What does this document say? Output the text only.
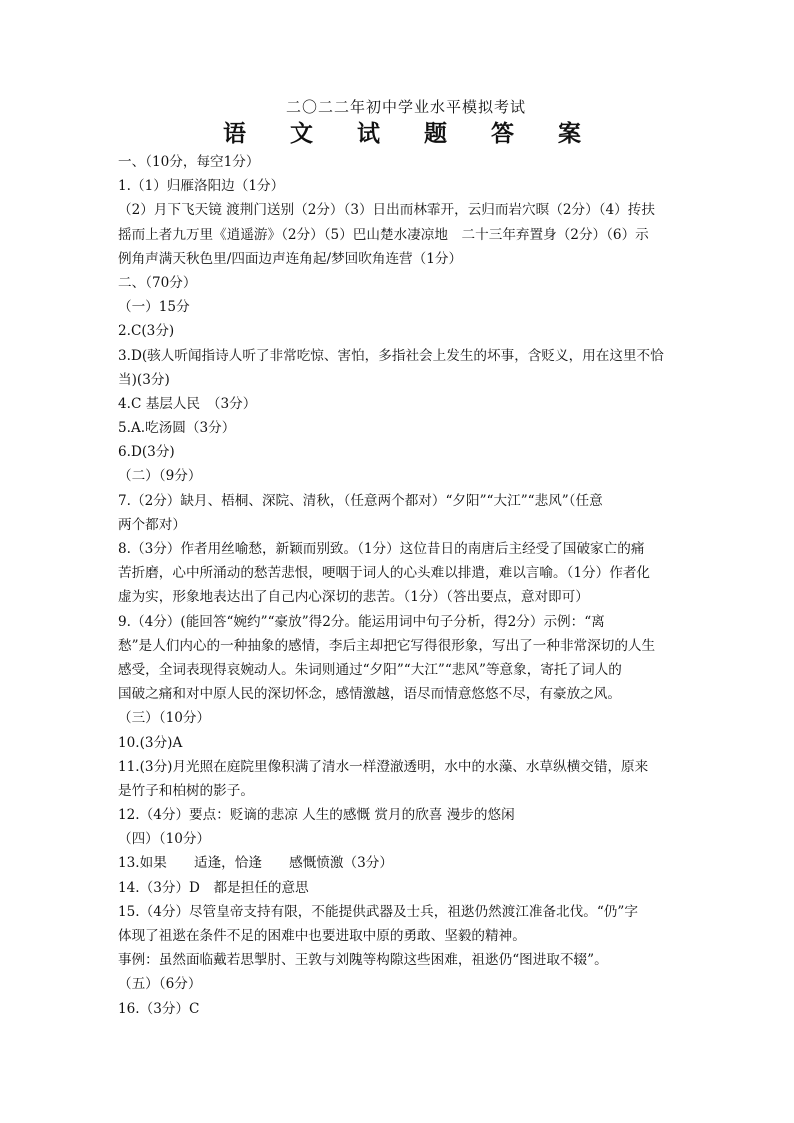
二〇二二年初中学业水平模拟考试
语 文 试 题 答 案
一、（10分，每空1分）
1.（1）归雁洛阳边（1分）
（2）月下飞天镜 渡荆门送别（2分）（3）日出而林霏开，云归而岩穴暝（2分）（4）抟扶
摇而上者九万里《逍遥游》（2分）（5）巴山楚水凄凉地　二十三年弃置身（2分）（6）示
例角声满天秋色里/四面边声连角起/梦回吹角连营（1分）
二、（70分）
（一）15分
2.C(3分)
3.D(骇人听闻指诗人听了非常吃惊、害怕，多指社会上发生的坏事，含贬义，用在这里不恰
当)(3分)
4.C 基层人民　（3分）
5.A.吃汤圆（3分）
6.D(3分)
（二）（9分）
7.（2分）缺月、梧桐、深院、清秋，（任意两个都对）“夕阳”“大江”“悲风”（任意
两个都对）
8.（3分）作者用丝喻愁，新颖而别致。（1分）这位昔日的南唐后主经受了国破家亡的痛
苦折磨，心中所涌动的愁苦悲恨，哽咽于词人的心头难以排遣，难以言喻。（1分）作者化
虚为实，形象地表达出了自己内心深切的悲苦。（1分）（答出要点，意对即可）
9.（4分）(能回答“婉约”“豪放”得2分。能运用词中句子分析，得2分）示例：“离
愁”是人们内心的一种抽象的感情，李后主却把它写得很形象，写出了一种非常深切的人生
感受，全词表现得哀婉动人。朱词则通过“夕阳”“大江”“悲风”等意象，寄托了词人的
国破之痛和对中原人民的深切怀念，感情激越，语尽而情意悠悠不尽，有豪放之风。
（三）（10分）
10.(3分)A
11.(3分)月光照在庭院里像积满了清水一样澄澈透明，水中的水藻、水草纵横交错，原来
是竹子和柏树的影子。
12.（4分）要点：贬谪的悲凉 人生的感慨 赏月的欣喜 漫步的悠闲
（四）（10分）
13.如果　　适逢，恰逢　　感慨愤激（3分）
14.（3分）D　都是担任的意思
15.（4分）尽管皇帝支持有限，不能提供武器及士兵，祖逖仍然渡江准备北伐。“仍”字
体现了祖逖在条件不足的困难中也要进取中原的勇敢、坚毅的精神。
事例：虽然面临戴若思掣肘、王敦与刘隗等构隙这些困难，祖逖仍“图进取不辍”。
（五）（6分）
16.（3分）C
